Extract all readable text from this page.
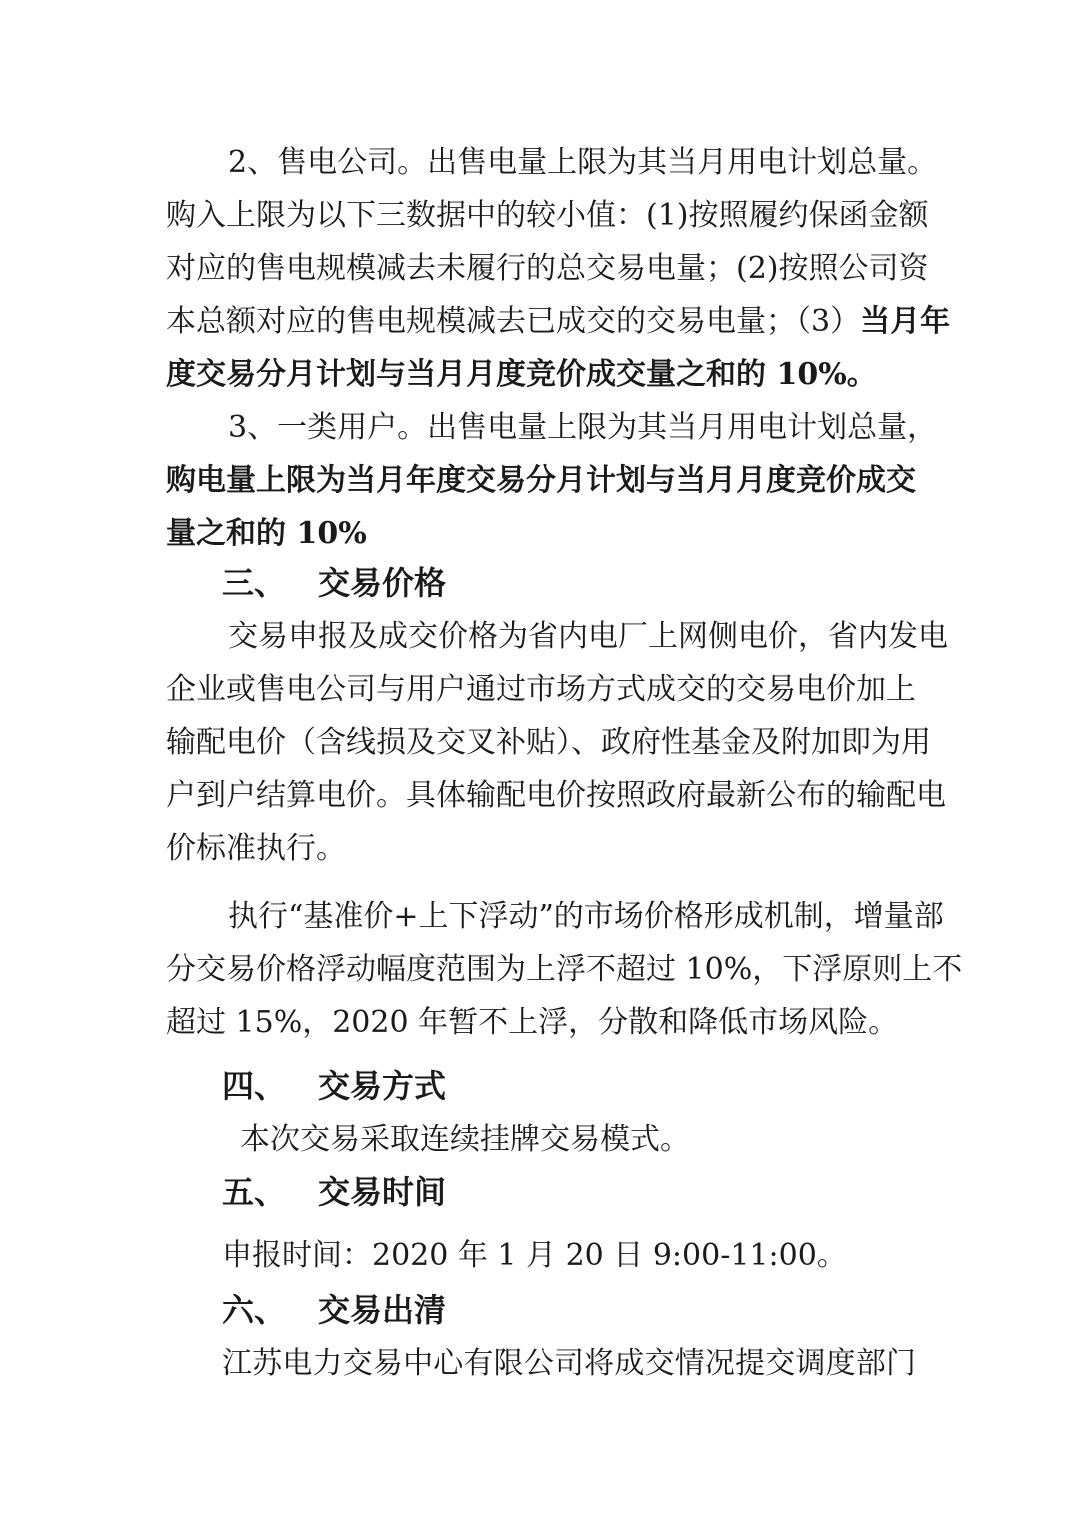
2、售电公司。出售电量上限为其当月用电计划总量。
购入上限为以下三数据中的较小值：(1)按照履约保函金额
对应的售电规模减去未履行的总交易电量；(2)按照公司资
本总额对应的售电规模减去已成交的交易电量；（3）当月年
度交易分月计划与当月月度竞价成交量之和的 10%。
3、一类用户。出售电量上限为其当月用电计划总量，
购电量上限为当月年度交易分月计划与当月月度竞价成交
量之和的 10%
三、 交易价格
交易申报及成交价格为省内电厂上网侧电价，省内发电
企业或售电公司与用户通过市场方式成交的交易电价加上
输配电价（含线损及交叉补贴）、政府性基金及附加即为用
户到户结算电价。具体输配电价按照政府最新公布的输配电
价标准执行。
执行“基准价+上下浮动”的市场价格形成机制，增量部
分交易价格浮动幅度范围为上浮不超过 10%，下浮原则上不
超过 15%，2020 年暂不上浮，分散和降低市场风险。
四、 交易方式
本次交易采取连续挂牌交易模式。
五、 交易时间
申报时间：2020 年 1 月 20 日 9:00-11:00。
六、 交易出清
江苏电力交易中心有限公司将成交情况提交调度部门
